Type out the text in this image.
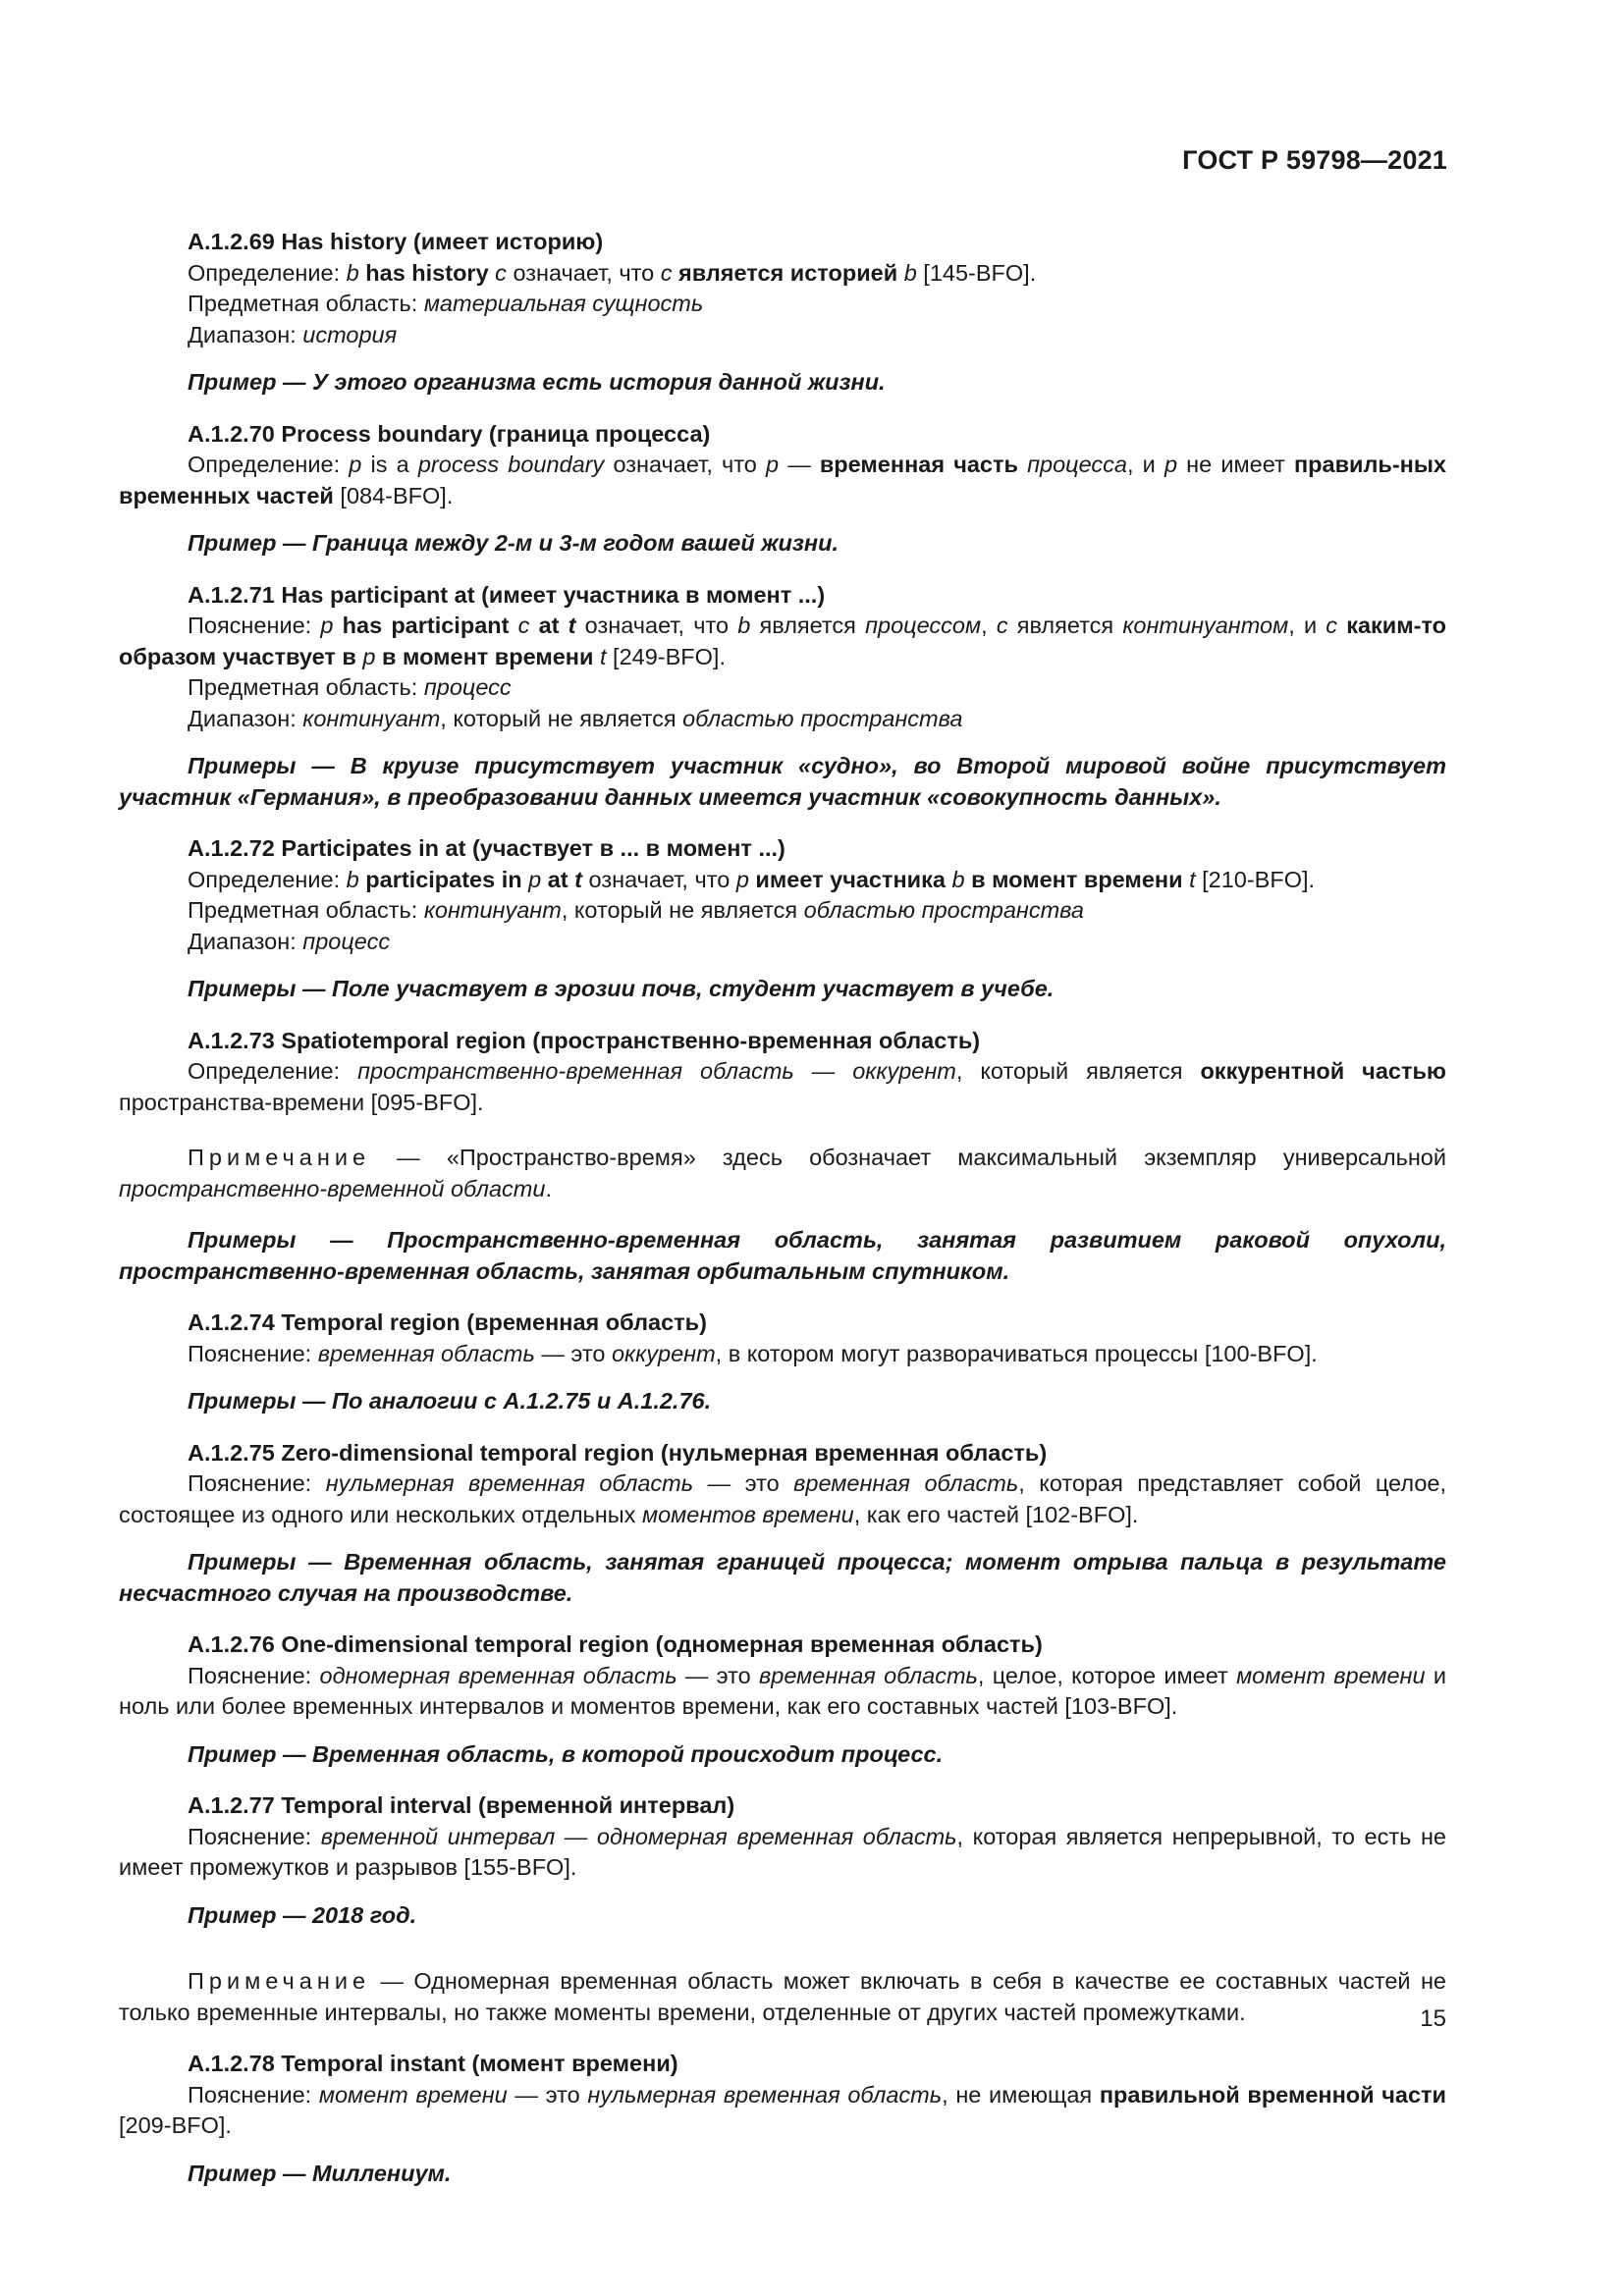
ГОСТ Р 59798—2021

A.1.2.69 Has history (имеет историю)

Определение: b has history c означает, что c является историей b [145-BFO].

Предметная область: материальная сущность

Диапазон: история

Пример — У этого организма есть история данной жизни.

A.1.2.70 Process boundary (граница процесса)

Определение: p is a process boundary означает, что p — временная часть процесса, и p не имеет правиль-ных временных частей [084-BFO].

Пример — Граница между 2-м и 3-м годом вашей жизни.

A.1.2.71 Has participant at (имеет участника в момент ...)

Пояснение: p has participant c at t означает, что b является процессом, c является континуантом, и c каким-то образом участвует в p в момент времени t [249-BFO].

Предметная область: процесс

Диапазон: континуант, который не является областью пространства

Примеры — В круизе присутствует участник «судно», во Второй мировой войне присутствует участник «Германия», в преобразовании данных имеется участник «совокупность данных».

A.1.2.72 Participates in at (участвует в ... в момент ...)

Определение: b participates in p at t означает, что p имеет участника b в момент времени t [210-BFO].

Предметная область: континуант, который не является областью пространства

Диапазон: процесс

Примеры — Поле участвует в эрозии почв, студент участвует в учебе.

A.1.2.73 Spatiotemporal region (пространственно-временная область)

Определение: пространственно-временная область — оккурент, который является оккурентной частью пространства-времени [095-BFO].

Примечание — «Пространство-время» здесь обозначает максимальный экземпляр универсальной пространственно-временной области.

Примеры — Пространственно-временная область, занятая развитием раковой опухоли, пространственно-временная область, занятая орбитальным спутником.

A.1.2.74 Temporal region (временная область)

Пояснение: временная область — это оккурент, в котором могут разворачиваться процессы [100-BFO].

Примеры — По аналогии с A.1.2.75 и A.1.2.76.

A.1.2.75 Zero-dimensional temporal region (нульмерная временная область)

Пояснение: нульмерная временная область — это временная область, которая представляет собой целое, состоящее из одного или нескольких отдельных моментов времени, как его частей [102-BFO].

Примеры — Временная область, занятая границей процесса; момент отрыва пальца в результате несчастного случая на производстве.

A.1.2.76 One-dimensional temporal region (одномерная временная область)

Пояснение: одномерная временная область — это временная область, целое, которое имеет момент времени и ноль или более временных интервалов и моментов времени, как его составных частей [103-BFO].

Пример — Временная область, в которой происходит процесс.

A.1.2.77 Temporal interval (временной интервал)

Пояснение: временной интервал — одномерная временная область, которая является непрерывной, то есть не имеет промежутков и разрывов [155-BFO].

Пример — 2018 год.

Примечание — Одномерная временная область может включать в себя в качестве ее составных частей не только временные интервалы, но также моменты времени, отделенные от других частей промежутками.

A.1.2.78 Temporal instant (момент времени)

Пояснение: момент времени — это нульмерная временная область, не имеющая правильной временной части [209-BFO].

Пример — Миллениум.

15
